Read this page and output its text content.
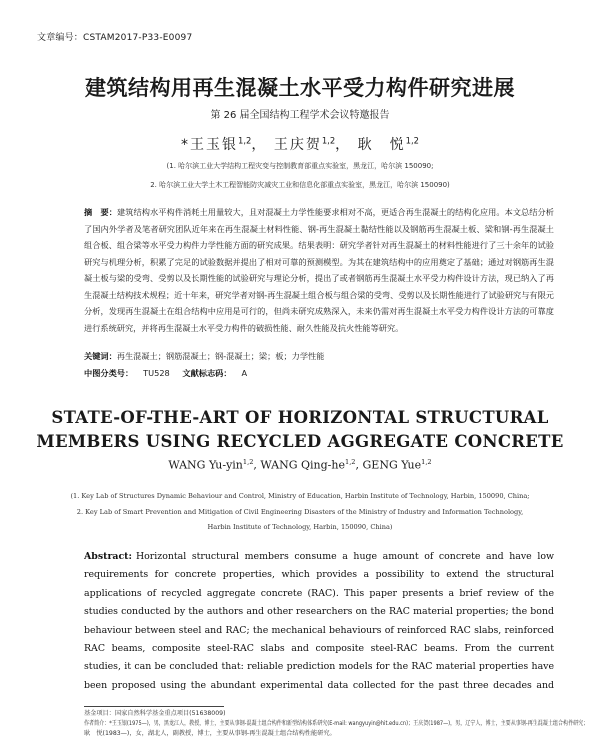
文章编号：CSTAM2017-P33-E0097
建筑结构用再生混凝土水平受力构件研究进展
第 26 届全国结构工程学术会议特邀报告
*王玉银$^{1,2}$， 王庆贺$^{1,2}$， 耿　悦$^{1,2}$
(1. 哈尔滨工业大学结构工程灾变与控制教育部重点实验室，黑龙江，哈尔滨 150090;
2. 哈尔滨工业大学土木工程智能防灾减灾工业和信息化部重点实验室，黑龙江，哈尔滨 150090)
摘　要：建筑结构水平构件消耗土用量较大，且对混凝土力学性能要求相对不高，更适合再生混凝土的结构化应用。本文总结分析了国内外学者及笔者研究团队近年来在再生混凝土材料性能、钢-再生混凝土黏结性能以及钢筋再生混凝土板、梁和钢-再生混凝土组合板、组合梁等水平受力构件力学性能方面的研究成果。结果表明：研究学者针对再生混凝土的材料性能进行了三十余年的试验研究与机理分析，积累了完足的试验数据并提出了相对可靠的预测模型。为其在建筑结构中的应用奠定了基础；通过对钢筋再生混凝土板与梁的受弯、受剪以及长期性能的试验研究与理论分析，提出了或者钢筋再生混凝土水平受力构件设计方法，现已纳入了再生混凝土结构技术规程；近十年来，研究学者对钢-再生混凝土组合板与组合梁的受弯、受剪以及长期性能进行了试验研究与有限元分析，发现再生混凝土在组合结构中应用是可行的，但尚未研究成熟深入，未来仍需对再生混凝土水平受力构件设计方法的可靠度进行系统研究，并将再生混凝土水平受力构件的破损性能、耐久性能及抗火性能等研究。
关键词：再生混凝土；钢筋混凝土；钢-混凝土；梁；板；力学性能
中图分类号： TU528 文献标志码： A
STATE-OF-THE-ART OF HORIZONTAL STRUCTURAL
MEMBERS USING RECYCLED AGGREGATE CONCRETE
WANG Yu-yin$^{1,2}$, WANG Qing-he$^{1,2}$, GENG Yue$^{1,2}$
(1. Key Lab of Structures Dynamic Behaviour and Control, Ministry of Education, Harbin Institute of Technology, Harbin, 150090, China;
2. Key Lab of Smart Prevention and Mitigation of Civil Engineering Disasters of the Ministry of Industry and Information Technology,
Harbin Institute of Technology, Harbin, 150090, China)
Abstract: Horizontal structural members consume a huge amount of concrete and have low requirements for concrete properties, which provides a possibility to extend the structural applications of recycled aggregate concrete (RAC). This paper presents a brief review of the studies conducted by the authors and other researchers on the RAC material properties; the bond behaviour between steel and RAC; the mechanical behaviours of reinforced RAC slabs, reinforced RAC beams, composite steel-RAC slabs and composite steel-RAC beams. From the current studies, it can be concluded that: reliable prediction models for the RAC material properties have been proposed using the abundant experimental data collected for the past three decades and
基金项目：国家自然科学基金重点项目(51638009)
作者简介：*王玉银(1975—)，男，黑龙江人，教授，博士，主要从事钢-混凝土组合构件和新型结构体系研究(E-mail: wangyuyin@hit.edu.cn)；王庆贺(1987—)，男，辽宁人，博士，主要从事钢-再生混凝土组合构件研究；
耿　悦(1983—)，女，湖北人，副教授，博士，主要从事钢-再生混凝土组合结构性能研究。
